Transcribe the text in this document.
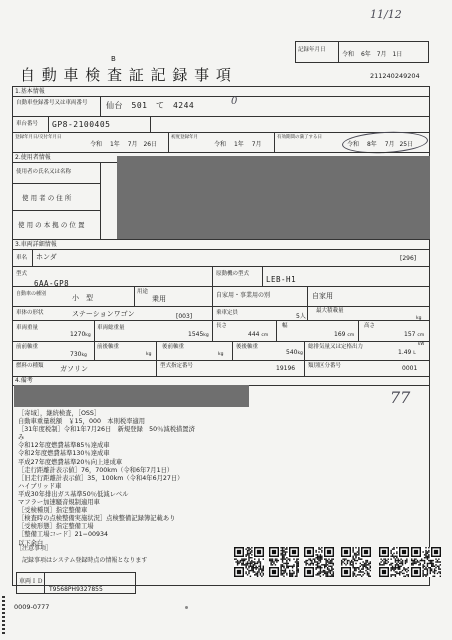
11/12
77
B
自 動 車 検 査 証 記 録 事 項
記録年月日
令和 6年 7月 1日
211240249204
1.基本情報
自動車登録番号又は車両番号 仙台　501　て　4244	0
車台番号 GP8-2100405
登録年月日/交付年月日
令和 1年 7月 26日
初度登録年月
令和 1年 7月
有効期間の満了する日
令和 8年 7月 25日
2.使用者情報
使用者の氏名又は名称
使 用 者 の 住 所
使 用 の 本 拠 の 位 置
3.車両詳細情報
車名 ホンダ	[296]
型式
6AA-GP8
原動機の型式
LEB-H1
自動車の種別	小　型
用途
乗用	自家用・事業用の別	自家用
車体の形状	ステーションワゴン	[003]	乗車定員	5人
最大積載量
kg
車両重量
1270kg
車両総重量
1545kg
長さ
444 cm
幅
169 cm
高さ
157 cm
前前軸重
730kg
前後軸重
kg
後前軸重
kg
後後軸重
540kg
総排気量又は定格出力
kW
1.49 L
燃料の種類 ガソリン	型式指定番号	19196 類別区分番号	0001
4.備考
［寄域］，継続検査，［OSS］
自動車重量税額　￥15，000　本則税率適用
［31年度税制］令和1年7月26日　新規登録　50％減税措置済
み
令和12年度燃費基準85％達成車
令和2年度燃費基準130％達成車
平成27年度燃費基準20％向上達成車
［走行距離計表示値］76，700km（令和6年7月1日）
［旧走行距離計表示値］35，100km（令和4年6月27日）
ハイブリッド車
平成30年排出ガス基準50％低減レベル
マフラー加速騒音規制適用車
［受検種別］指定整備車
［検査時の点検整備実施状況］点検整備記録簿記載あり
［受検形態］指定整備工場
［整備工場コード］21−00934
以下余白
［注意事項］
記録事項はシステム登録時点の情報となります
車両ＩＤ
T9568PH9327855
0009-0777
